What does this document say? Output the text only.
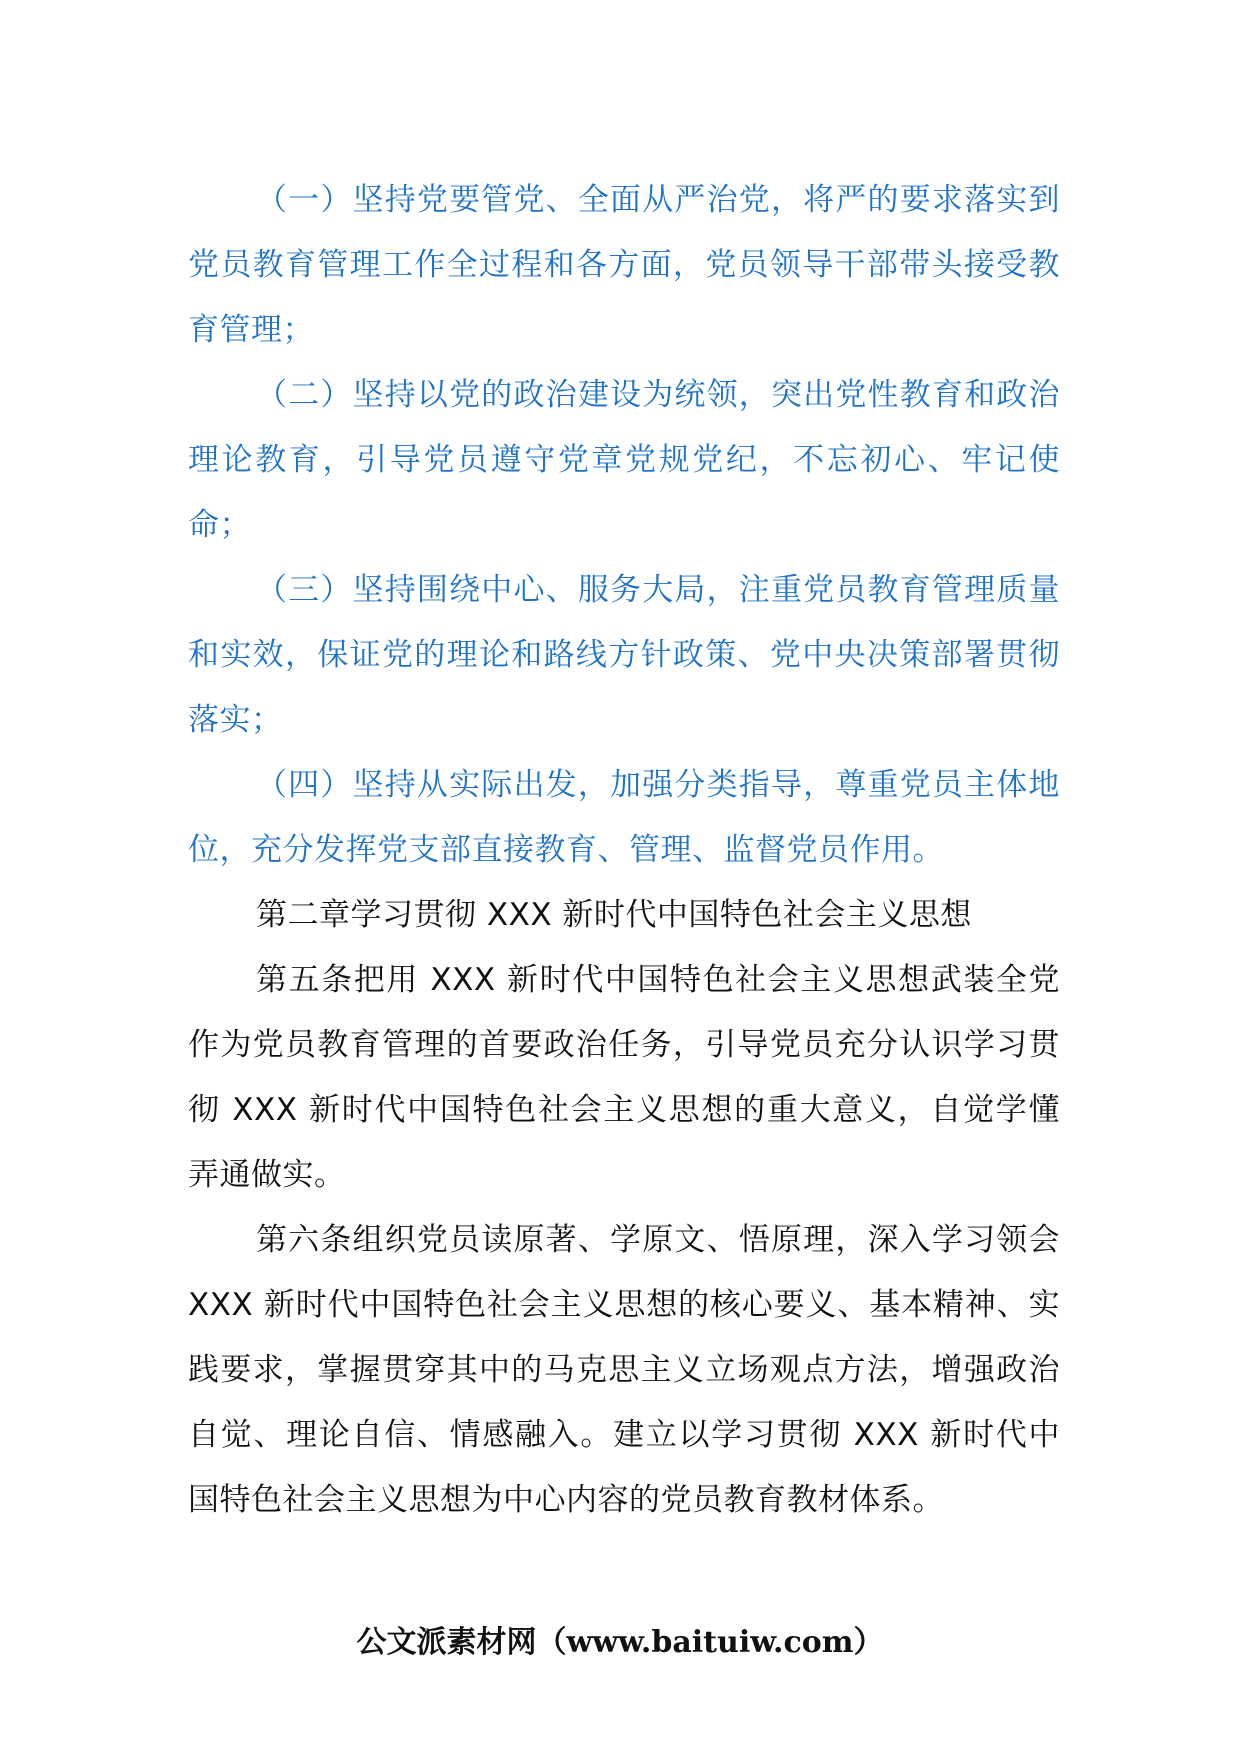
（一）坚持党要管党、全面从严治党，将严的要求落实到党员教育管理工作全过程和各方面，党员领导干部带头接受教育管理；

（二）坚持以党的政治建设为统领，突出党性教育和政治理论教育，引导党员遵守党章党规党纪，不忘初心、牢记使命；

（三）坚持围绕中心、服务大局，注重党员教育管理质量和实效，保证党的理论和路线方针政策、党中央决策部署贯彻落实；

（四）坚持从实际出发，加强分类指导，尊重党员主体地位，充分发挥党支部直接教育、管理、监督党员作用。

第二章学习贯彻 XXX 新时代中国特色社会主义思想

第五条把用 XXX 新时代中国特色社会主义思想武装全党作为党员教育管理的首要政治任务，引导党员充分认识学习贯彻 XXX 新时代中国特色社会主义思想的重大意义，自觉学懂弄通做实。

第六条组织党员读原著、学原文、悟原理，深入学习领会 XXX 新时代中国特色社会主义思想的核心要义、基本精神、实践要求，掌握贯穿其中的马克思主义立场观点方法，增强政治自觉、理论自信、情感融入。建立以学习贯彻 XXX 新时代中国特色社会主义思想为中心内容的党员教育教材体系。

公文派素材网（www.baituiw.com）
